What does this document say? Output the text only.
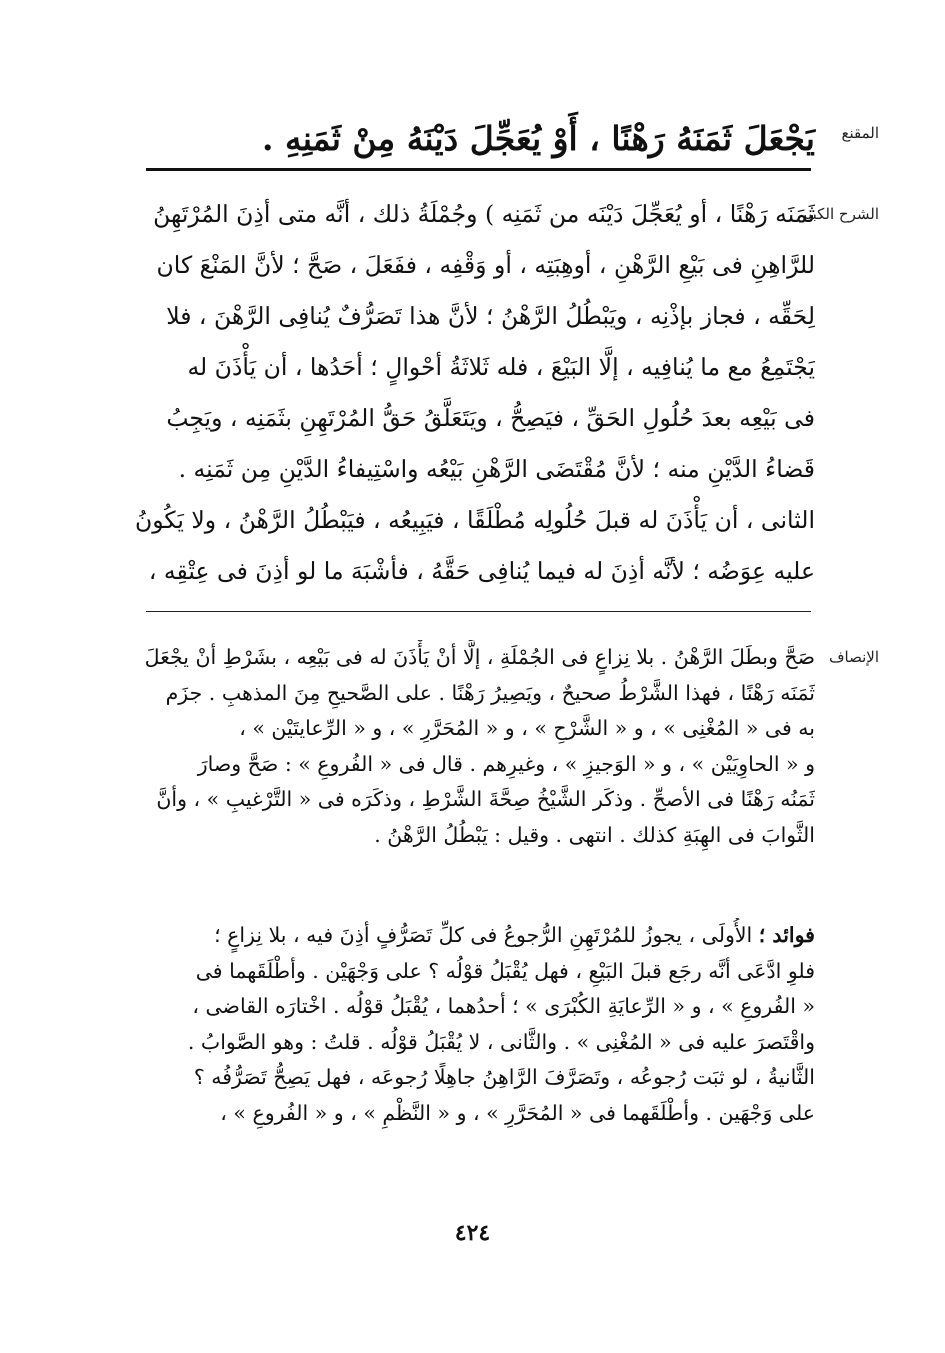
المقنع
يَجْعَلَ ثَمَنَهُ رَهْنًا ، أَوْ يُعَجِّلَ دَيْنَهُ مِنْ ثَمَنِهِ .
الشرح الكبير

ثَمَنَه رَهْنًا ، أو يُعَجِّلَ دَيْنَه من ثَمَنِه ) وجُمْلَةُ ذلك ، أنَّه متى أذِنَ المُرْتَهِنُ

للرَّاهِنِ فى بَيْعِ الرَّهْنِ ، أوهِبَتِه ، أو وَقْفِه ، ففَعَلَ ، صَحَّ ؛ لأنَّ المَنْعَ كان

لِحَقِّه ، فجاز بإذْنِه ، ويَبْطُلُ الرَّهْنُ ؛ لأنَّ هذا تَصَرُّفٌ يُنافِى الرَّهْنَ ، فلا

يَجْتَمِعُ مع ما يُنافِيه ، إلَّا البَيْعَ ، فله ثَلاثَةُ أحْوالٍ ؛ أحَدُها ، أن يَأْذَنَ له

فى بَيْعِه بعدَ حُلُولِ الحَقِّ ، فيَصِحُّ ، ويَتَعَلَّقُ حَقُّ المُرْتَهِنِ بثَمَنِه ، ويَجِبُ

قَضاءُ الدَّيْنِ منه ؛ لأنَّ مُقْتَضَى الرَّهْنِ بَيْعُه واسْتِيفاءُ الدَّيْنِ مِن ثَمَنِه .

الثانى ، أن يَأْذَنَ له قبلَ حُلُولِه مُطْلَقًا ، فيَبِيعُه ، فيَبْطُلُ الرَّهْنُ ، ولا يَكُونُ

عليه عِوَضُه ؛ لأنَّه أذِنَ له فيما يُنافِى حَقَّهُ ، فأشْبَهَ ما لو أذِنَ فى عِتْقِه ،

الإنصاف

صَحَّ وبطَلَ الرَّهْنُ . بلا نِزاعٍ فى الجُمْلَةِ ، إلَّا أنْ يَأْذَنَ له فى بَيْعِه ، بشَرْطِ أنْ يجْعَلَ

ثَمَنَه رَهْنًا ، فهذا الشَّرْطُ صحيحٌ ، ويَصِيرُ رَهْنًا . على الصَّحيحِ مِنَ المذهبِ . جزَم

به فى « المُغْنِى » ، و « الشَّرْحِ » ، و « المُحَرَّرِ » ، و « الرِّعايتَيْن » ،

و « الحاوِيَيْن » ، و « الوَجيزِ » ، وغيرِهم . قال فى « الفُروعِ » : صَحَّ وصارَ

ثَمَنُه رَهْنًا فى الأصحِّ . وذكَر الشَّيْخُ صِحَّةَ الشَّرْطِ ، وذكَرَه فى « التَّرْغيبِ » ، وأنَّ

الثَّوابَ فى الهِبَةِ كذلك . انتهى . وقيل : يَبْطُلُ الرَّهْنُ .

فوائد ؛ الأُولَى ، يجوزُ للمُرْتَهِنِ الرُّجوعُ فى كلِّ تَصَرُّفٍ أذِنَ فيه ، بلا نِزاعٍ ؛

فلوِ ادَّعَى أنَّه رجَع قبلَ البَيْعِ ، فهل يُقْبَلُ قوْلُه ؟ على وَجْهَيْن . وأطْلَقَهما فى

« الفُروعِ » ، و « الرِّعايَةِ الكُبْرَى » ؛ أحدُهما ، يُقْبَلُ قوْلُه . اخْتارَه القاضى ،

واقْتَصرَ عليه فى « المُغْنِى » . والثَّانى ، لا يُقْبَلُ قوْلُه . قلتُ : وهو الصَّوابُ .

الثَّانيةُ ، لو ثبَت رُجوعُه ، وتَصَرَّفَ الرَّاهِنُ جاهِلًا رُجوعَه ، فهل يَصِحُّ تَصَرُّفُه ؟

على وَجْهَين . وأطْلَقَهما فى « المُحَرَّرِ » ، و « النَّظْمِ » ، و « الفُروعِ » ،

٤٢٤
